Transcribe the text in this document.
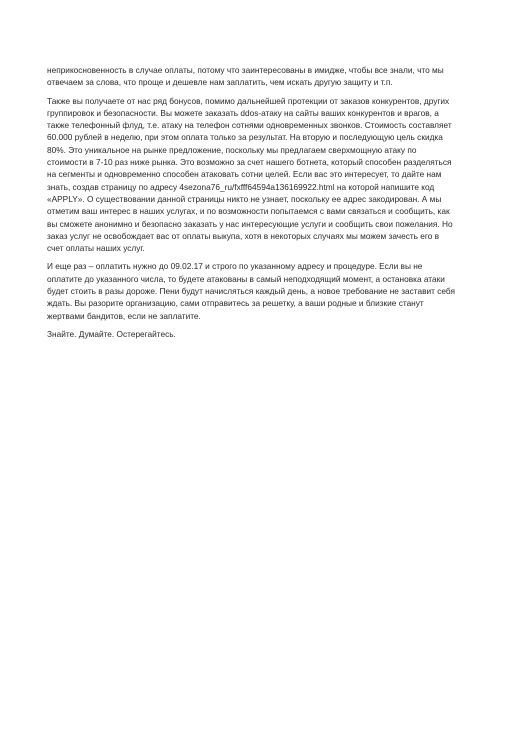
неприкосновенность в случае оплаты, потому что заинтересованы в имидже, чтобы все знали, что мы
отвечаем за слова, что проще и дешевле нам заплатить, чем искать другую защиту и т.п.

Также вы получаете от нас ряд бонусов, помимо дальнейшей протекции от заказов конкурентов, других
группировок и безопасности. Вы можете заказать ddos-атаку на сайты ваших конкурентов и врагов, а
также телефонный флуд, т.е. атаку на телефон сотнями одновременных звонков. Стоимость составляет
60.000 рублей в неделю, при этом оплата только за результат. На вторую и последующую цель скидка
80%. Это уникальное на рынке предложение, поскольку мы предлагаем сверхмощную атаку по
стоимости в 7-10 раз ниже рынка. Это возможно за счет нашего ботнета, который способен разделяться
на сегменты и одновременно способен атаковать сотни целей. Если вас это интересует, то дайте нам
знать, создав страницу по адресу 4sezona76_ru/fxfff64594a136169922.html на которой напишите код
«APPLY». О существовании данной страницы никто не узнает, поскольку ее адрес закодирован. А мы
отметим ваш интерес в наших услугах, и по возможности попытаемся с вами связаться и сообщить, как
вы сможете анонимно и безопасно заказать у нас интересующие услуги и сообщить свои пожелания. Но
заказ услуг не освобождает вас от оплаты выкупа, хотя в некоторых случаях мы можем зачесть его в
счет оплаты наших услуг.

И еще раз – оплатить нужно до 09.02.17 и строго по указанному адресу и процедуре. Если вы не
оплатите до указанного числа, то будете атакованы в самый неподходящий момент, а остановка атаки
будет стоить в разы дороже. Пени будут начисляться каждый день, а новое требование не заставит себя
ждать. Вы разорите организацию, сами отправитесь за решетку, а ваши родные и близкие станут
жертвами бандитов, если не заплатите.

Знайте. Думайте. Остерегайтесь.
